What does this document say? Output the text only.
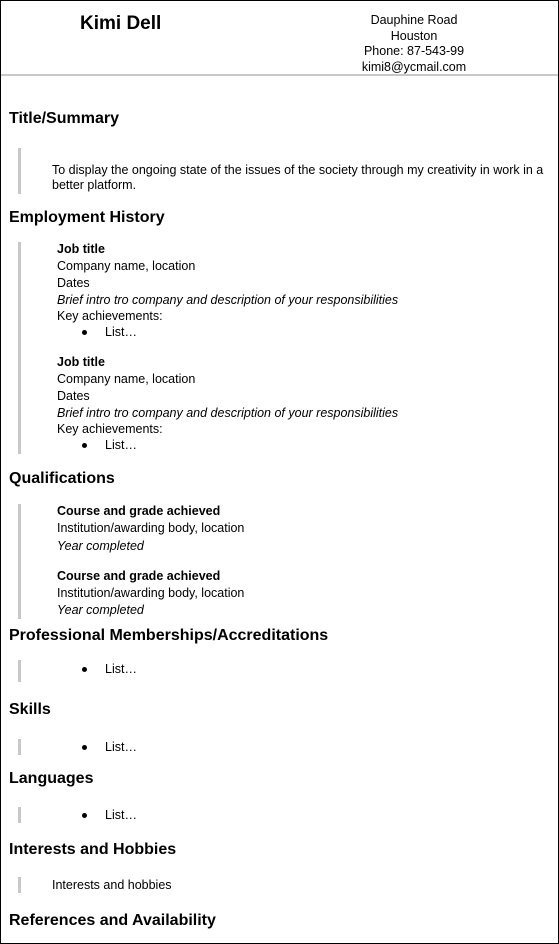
Kimi Dell	Dauphine Road
Houston
Phone: 87-543-99
kimi8@ycmail.com
Title/Summary
To display the ongoing state of the issues of the society through my creativity in work in a better platform.
Employment History
Job title
Company name, location
Dates
Brief intro tro company and description of your responsibilities
Key achievements:
List…
Job title
Company name, location
Dates
Brief intro tro company and description of your responsibilities
Key achievements:
List…
Qualifications
Course and grade achieved
Institution/awarding body, location
Year completed
Course and grade achieved
Institution/awarding body, location
Year completed
Professional Memberships/Accreditations
List…
Skills
List…
Languages
List…
Interests and Hobbies
Interests and hobbies
References and Availability
